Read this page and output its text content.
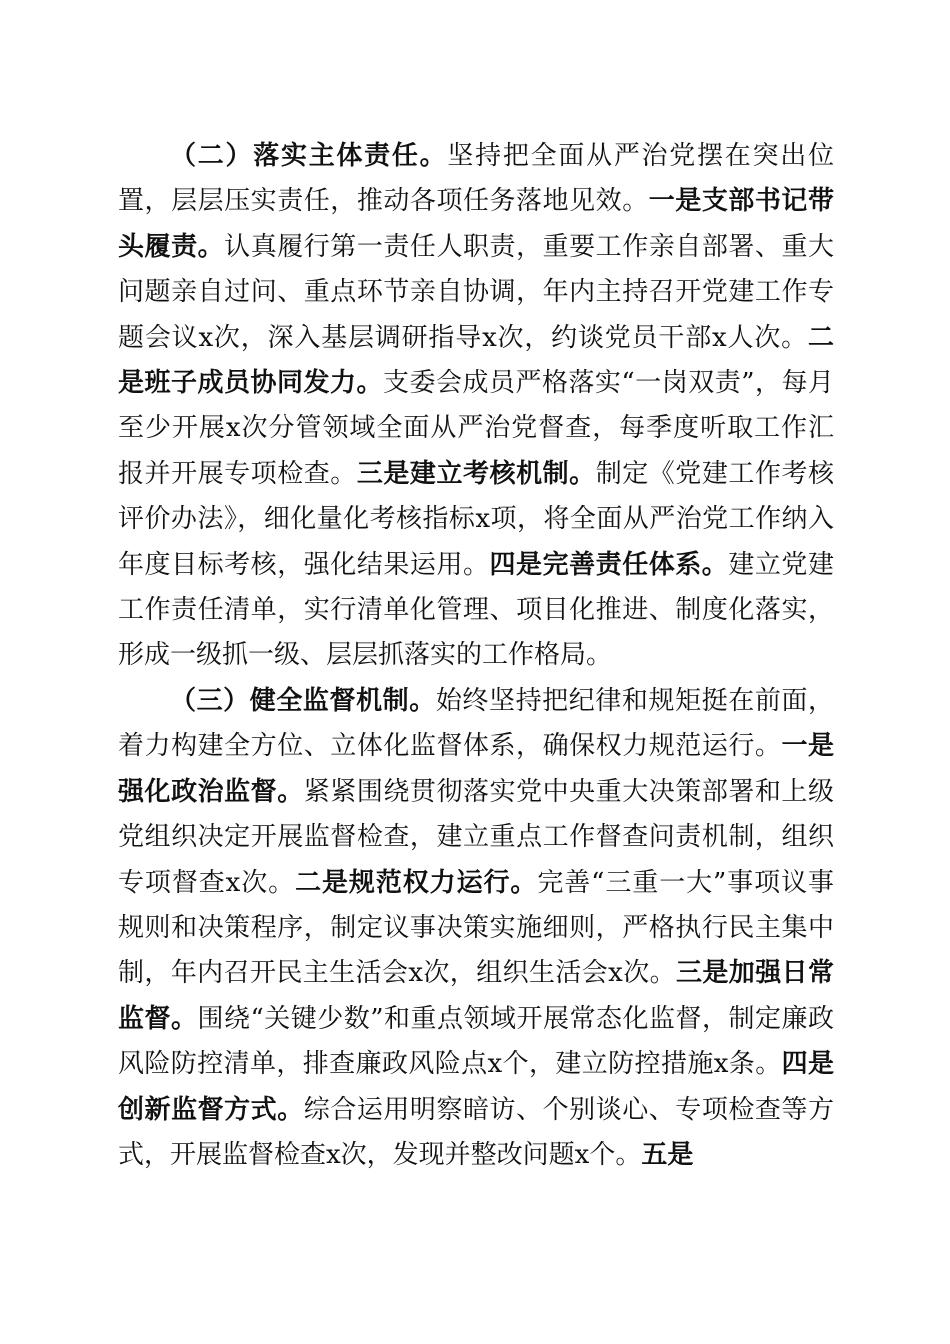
（二）落实主体责任。坚持把全面从严治党摆在突出位置，层层压实责任，推动各项任务落地见效。一是支部书记带头履责。认真履行第一责任人职责，重要工作亲自部署、重大问题亲自过问、重点环节亲自协调，年内主持召开党建工作专题会议x次，深入基层调研指导x次，约谈党员干部x人次。二是班子成员协同发力。支委会成员严格落实“一岗双责”，每月至少开展x次分管领域全面从严治党督查，每季度听取工作汇报并开展专项检查。三是建立考核机制。制定《党建工作考核评价办法》，细化量化考核指标x项，将全面从严治党工作纳入年度目标考核，强化结果运用。四是完善责任体系。建立党建工作责任清单，实行清单化管理、项目化推进、制度化落实，形成一级抓一级、层层抓落实的工作格局。

（三）健全监督机制。始终坚持把纪律和规矩挺在前面，着力构建全方位、立体化监督体系，确保权力规范运行。一是强化政治监督。紧紧围绕贯彻落实党中央重大决策部署和上级党组织决定开展监督检查，建立重点工作督查问责机制，组织专项督查x次。二是规范权力运行。完善“三重一大”事项议事规则和决策程序，制定议事决策实施细则，严格执行民主集中制，年内召开民主生活会x次，组织生活会x次。三是加强日常监督。围绕“关键少数”和重点领域开展常态化监督，制定廉政风险防控清单，排查廉政风险点x个，建立防控措施x条。四是创新监督方式。综合运用明察暗访、个别谈心、专项检查等方式，开展监督检查x次，发现并整改问题x个。五是
